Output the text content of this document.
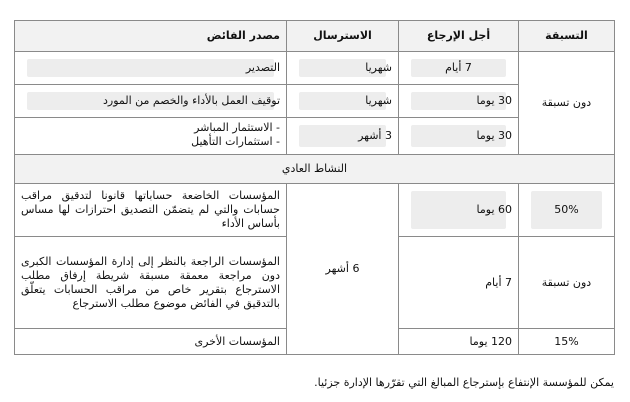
التسبقة	أجل الإرجاع	الاسترسال	مصدر الفائض
دون تسبقة	7 أيام	شهريا	التصدير

	30 يوما	شهريا	توقيف العمل بالأداء والخصم من المورد

	30 يوما	3 أشهر	- الاستثمار المباشر
- استثمارات التأهيل

النشاط العادي			

50%	60 يوما	6 أشهر	المؤسسات الخاضعة حساباتها قانونا لتدقيق مراقب حسابات والتي لم يتضمّن التصديق احترازات لها مساس بأساس الأداء

دون تسبقة	7 أيام		المؤسسات الراجعة بالنظر إلى إدارة المؤسسات الكبرى دون مراجعة معمقة مسبقة شريطة إرفاق مطلب الاسترجاع بتقرير خاص من مراقب الحسابات يتعلّق بالتدقيق في الفائض موضوع مطلب الاسترجاع

15%	120 يوما		المؤسسات الأخرى
يمكن للمؤسسة الإنتفاع بإسترجاع المبالغ التي تقرّرها الإدارة جزئيا.
